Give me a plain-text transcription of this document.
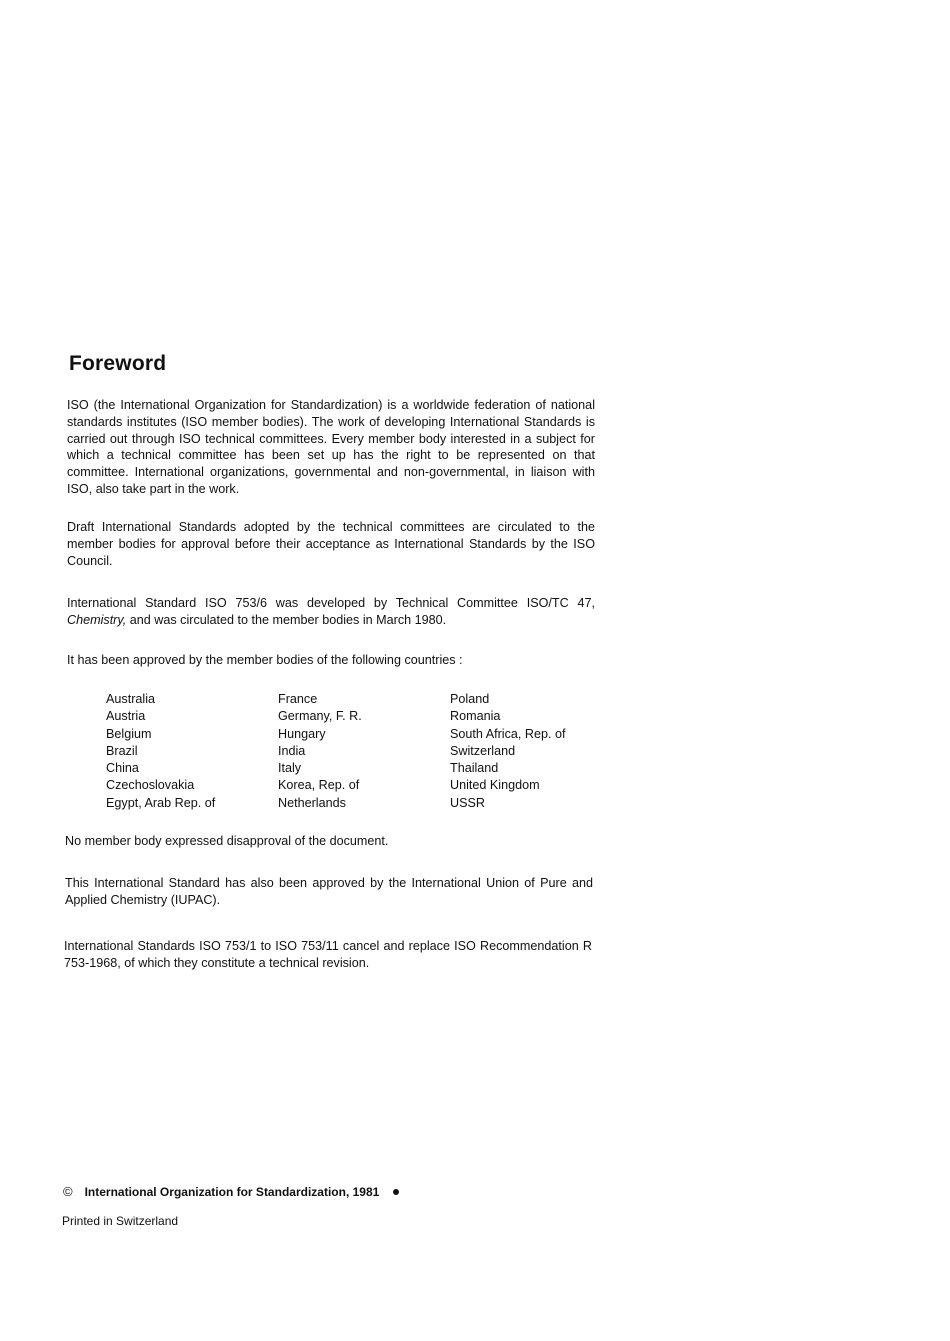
Foreword

ISO (the International Organization for Standardization) is a worldwide federation of national standards institutes (ISO member bodies). The work of developing International Standards is carried out through ISO technical committees. Every member body interested in a subject for which a technical committee has been set up has the right to be represented on that committee. International organizations, governmental and non-governmental, in liaison with ISO, also take part in the work.

Draft International Standards adopted by the technical committees are circulated to the member bodies for approval before their acceptance as International Standards by the ISO Council.

International Standard ISO 753/6 was developed by Technical Committee ISO/TC 47, Chemistry, and was circulated to the member bodies in March 1980.

It has been approved by the member bodies of the following countries :

Australia
Austria
Belgium
Brazil
China
Czechoslovakia
Egypt, Arab Rep. of
France
Germany, F. R.
Hungary
India
Italy
Korea, Rep. of
Netherlands
Poland
Romania
South Africa, Rep. of
Switzerland
Thailand
United Kingdom
USSR

No member body expressed disapproval of the document.

This International Standard has also been approved by the International Union of Pure and Applied Chemistry (IUPAC).

International Standards ISO 753/1 to ISO 753/11 cancel and replace ISO Recommendation R 753-1968, of which they constitute a technical revision.

© International Organization for Standardization, 1981
Printed in Switzerland
